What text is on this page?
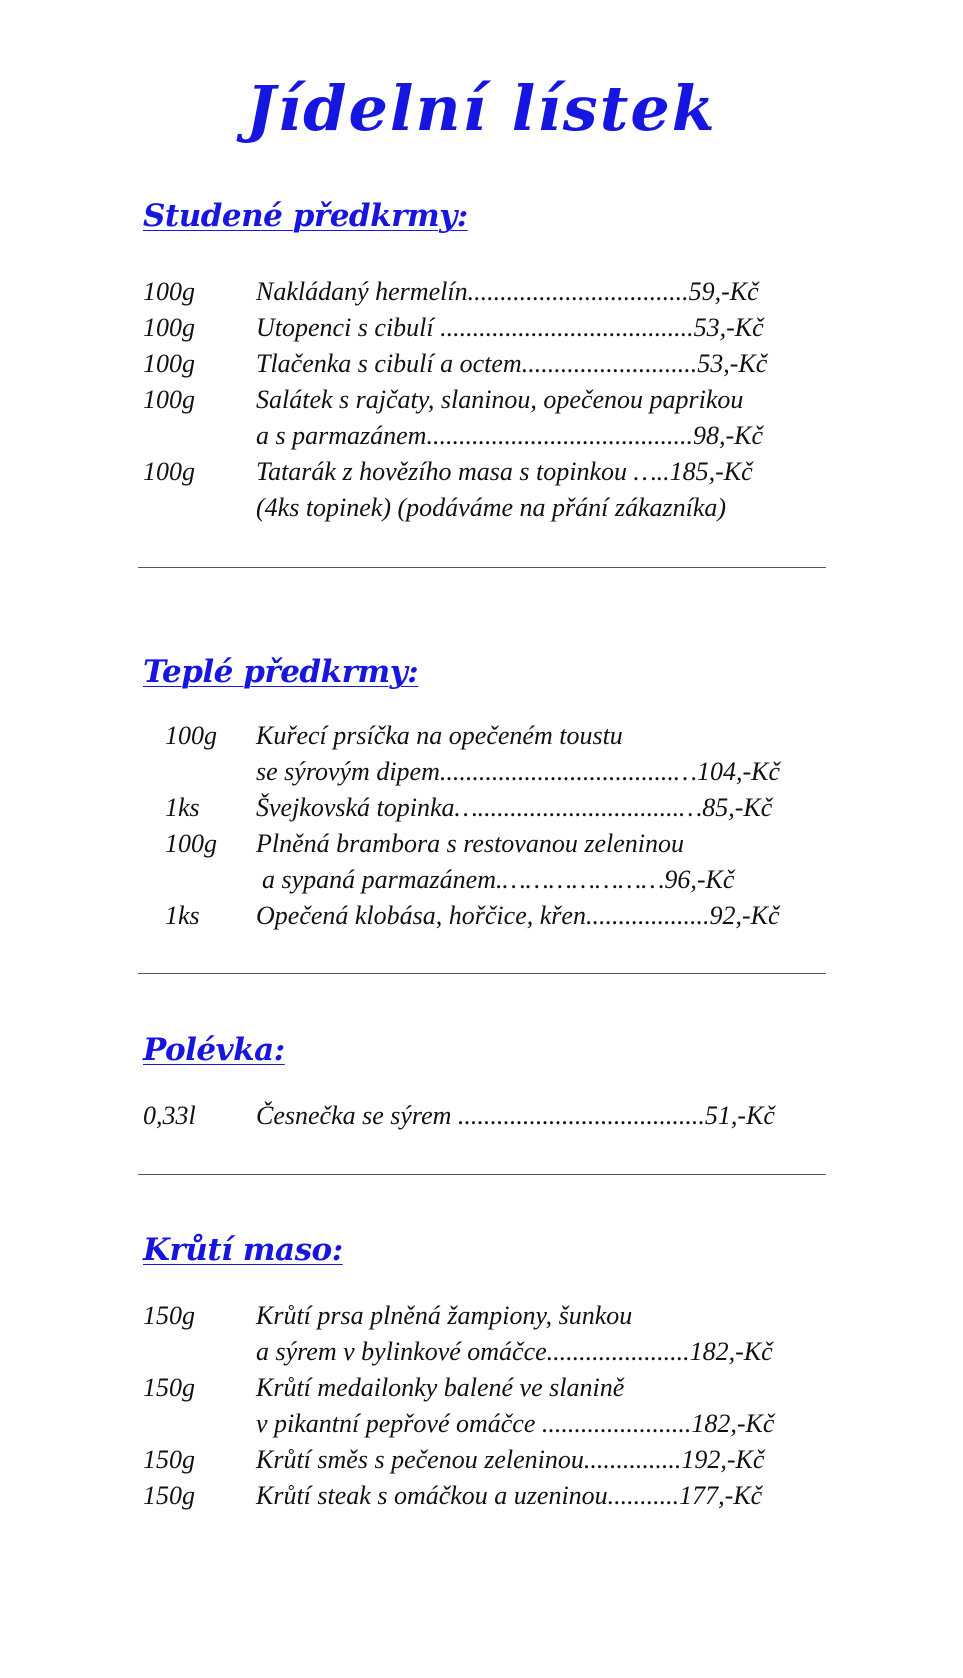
Jídelní lístek
Studené předkrmy:
100g Nakládaný hermelín..................................59,-Kč
100g Utopenci s cibulí .......................................53,-Kč
100g Tlačenka s cibulí a octem...........................53,-Kč
100g Salátek s rajčaty, slaninou, opečenou paprikou
a s parmazánem.........................................98,-Kč
100g Tatarák z hovězího masa s topinkou …..185,-Kč
(4ks topinek) (podáváme na přání zákazníka)
Teplé předkrmy:
100g Kuřecí prsíčka na opečeném toustu
se sýrovým dipem....................................…104,-Kč
1ks Švejkovská topinka…...............................…85,-Kč
100g Plněná brambora s restovanou zeleninou
a sypaná parmazánem.…………………96,-Kč
1ks Opečená klobása, hořčice, křen...................92,-Kč
Polévka:
0,33l Česnečka se sýrem ......................................51,-Kč
Krůtí maso:
150g Krůtí prsa plněná žampiony, šunkou
a sýrem v bylinkové omáčce......................182,-Kč
150g Krůtí medailonky balené ve slanině
v pikantní pepřové omáčce .......................182,-Kč
150g Krůtí směs s pečenou zeleninou...............192,-Kč
150g Krůtí steak s omáčkou a uzeninou...........177,-Kč
